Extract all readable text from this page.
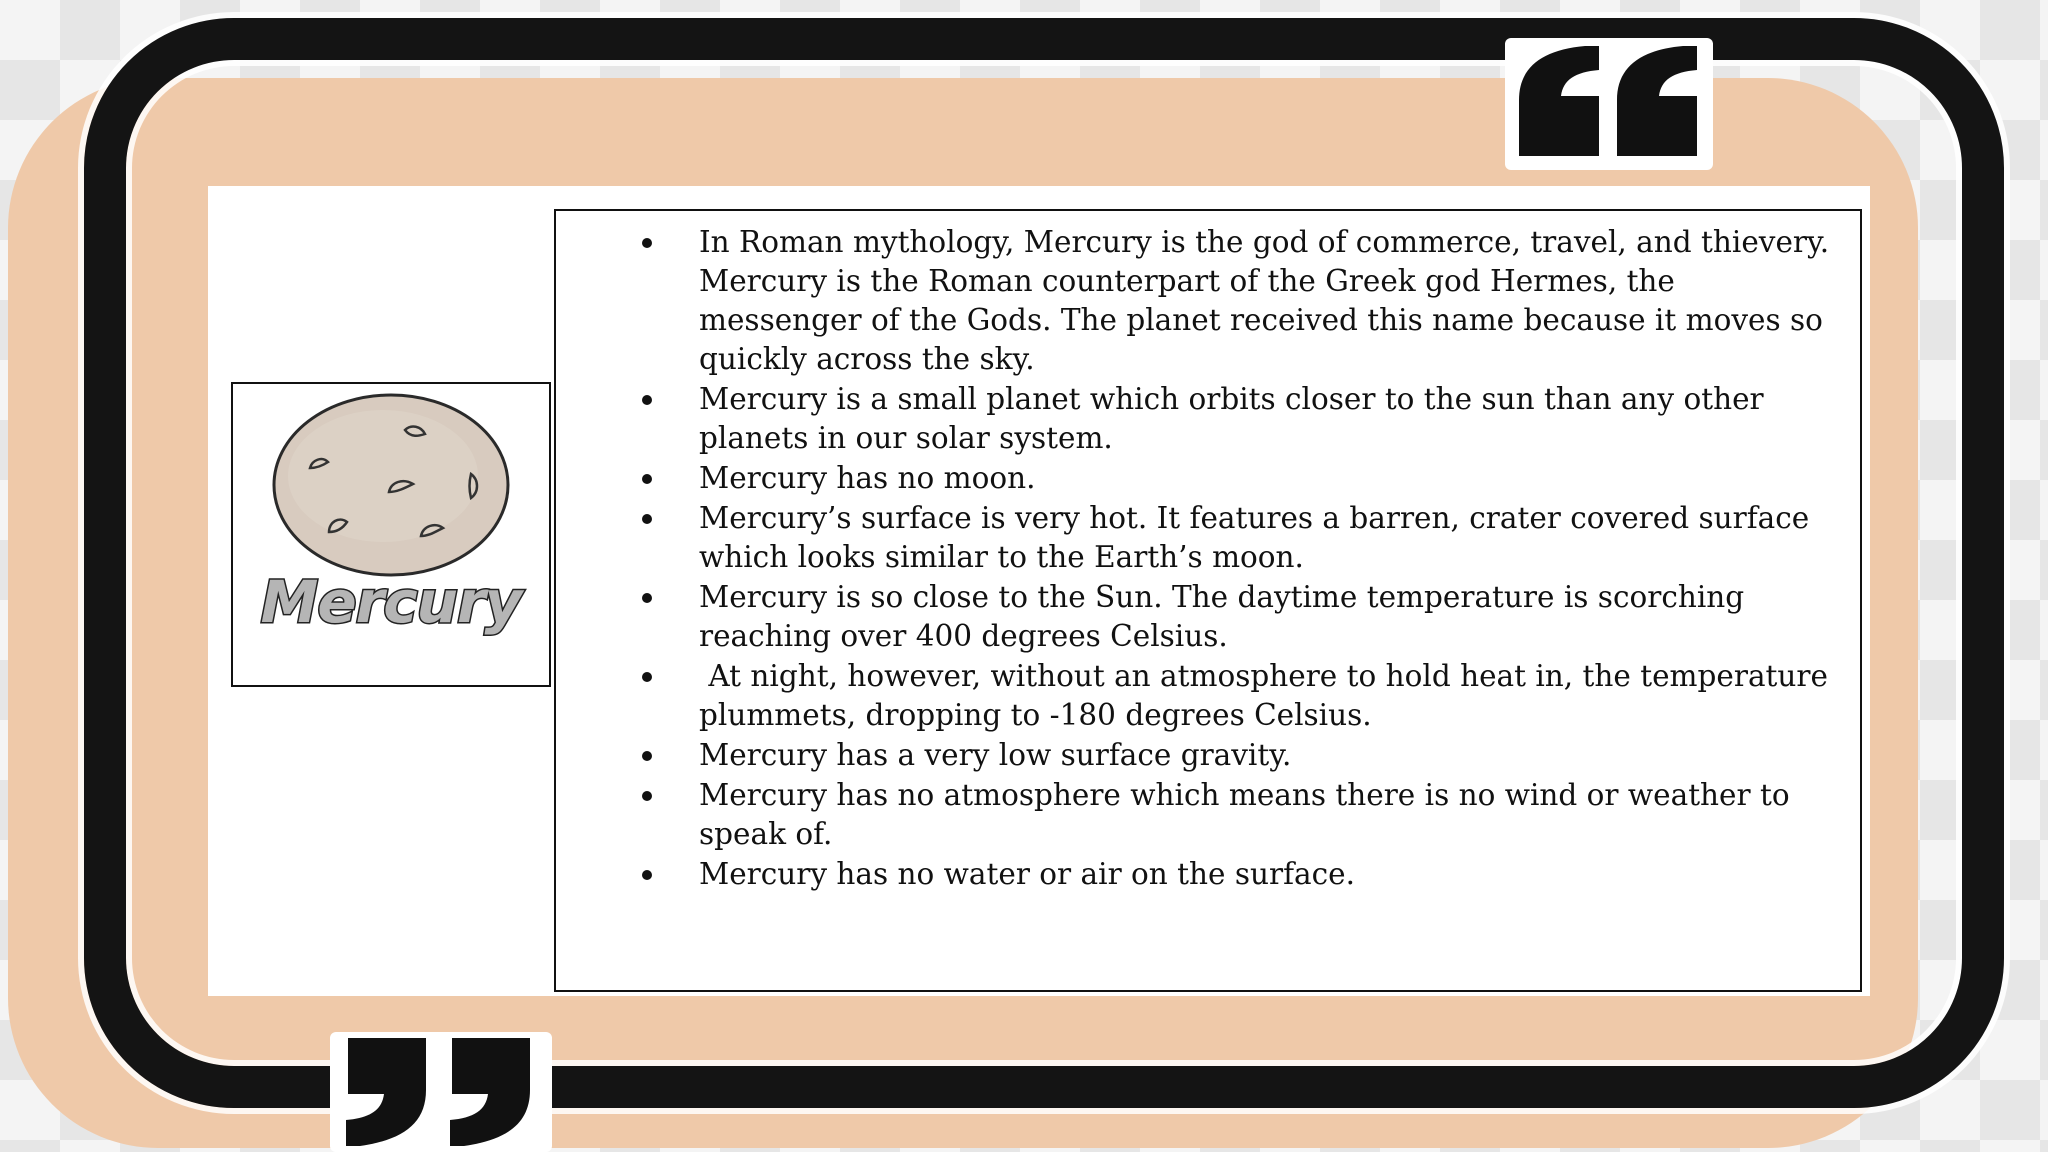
Mercury
In Roman mythology, Mercury is the god of commerce, travel, and thievery. Mercury is the Roman counterpart of the Greek god Hermes, the messenger of the Gods. The planet received this name because it moves so quickly across the sky.
Mercury is a small planet which orbits closer to the sun than any other planets in our solar system.
Mercury has no moon.
Mercury’s surface is very hot. It features a barren, crater covered surface which looks similar to the Earth’s moon.
Mercury is so close to the Sun. The daytime temperature is scorching reaching over 400 degrees Celsius.
At night, however, without an atmosphere to hold heat in, the temperature plummets, dropping to -180 degrees Celsius.
Mercury has a very low surface gravity.
Mercury has no atmosphere which means there is no wind or weather to speak of.
Mercury has no water or air on the surface.
